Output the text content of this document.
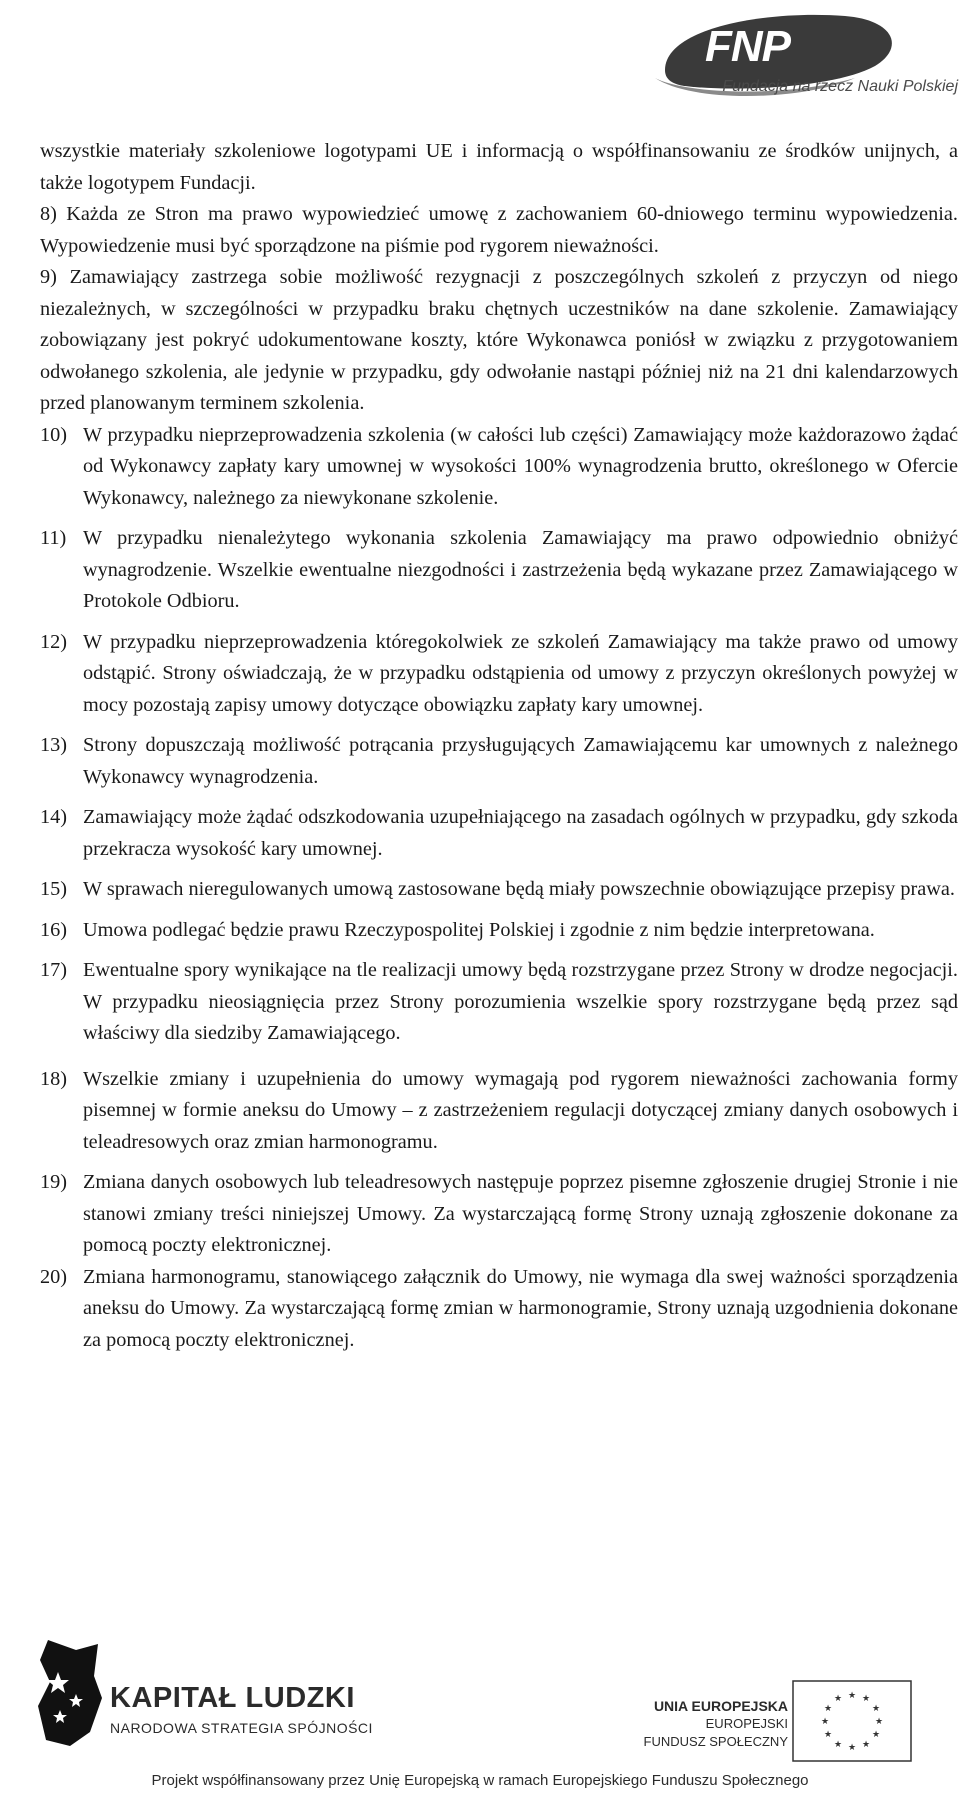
FNP
Fundacja na rzecz Nauki Polskiej

wszystkie materiały szkoleniowe logotypami UE i informacją o współfinansowaniu ze środków unijnych, a także logotypem Fundacji.

8) Każda ze Stron ma prawo wypowiedzieć umowę z zachowaniem 60-dniowego terminu wypowiedzenia. Wypowiedzenie musi być sporządzone na piśmie pod rygorem nieważności.

9) Zamawiający zastrzega sobie możliwość rezygnacji z poszczególnych szkoleń z przyczyn od niego niezależnych, w szczególności w przypadku braku chętnych uczestników na dane szkolenie. Zamawiający zobowiązany jest pokryć udokumentowane koszty, które Wykonawca poniósł w związku z przygotowaniem odwołanego szkolenia, ale jedynie w przypadku, gdy odwołanie nastąpi później niż na 21 dni kalendarzowych przed planowanym terminem szkolenia.

10) W przypadku nieprzeprowadzenia szkolenia (w całości lub części) Zamawiający może każdorazowo żądać od Wykonawcy zapłaty kary umownej w wysokości 100% wynagrodzenia brutto, określonego w Ofercie Wykonawcy, należnego za niewykonane szkolenie.

11) W przypadku nienależytego wykonania szkolenia Zamawiający ma prawo odpowiednio obniżyć wynagrodzenie. Wszelkie ewentualne niezgodności i zastrzeżenia będą wykazane przez Zamawiającego w Protokole Odbioru.

12) W przypadku nieprzeprowadzenia któregokolwiek ze szkoleń Zamawiający ma także prawo od umowy odstąpić. Strony oświadczają, że w przypadku odstąpienia od umowy z przyczyn określonych powyżej w mocy pozostają zapisy umowy dotyczące obowiązku zapłaty kary umownej.

13) Strony dopuszczają możliwość potrącania przysługujących Zamawiającemu kar umownych z należnego Wykonawcy wynagrodzenia.

14) Zamawiający może żądać odszkodowania uzupełniającego na zasadach ogólnych w przypadku, gdy szkoda przekracza wysokość kary umownej.

15) W sprawach nieregulowanych umową zastosowane będą miały powszechnie obowiązujące przepisy prawa.

16) Umowa podlegać będzie prawu Rzeczypospolitej Polskiej i zgodnie z nim będzie interpretowana.

17) Ewentualne spory wynikające na tle realizacji umowy będą rozstrzygane przez Strony w drodze negocjacji. W przypadku nieosiągnięcia przez Strony porozumienia wszelkie spory rozstrzygane będą przez sąd właściwy dla siedziby Zamawiającego.

18) Wszelkie zmiany i uzupełnienia do umowy wymagają pod rygorem nieważności zachowania formy pisemnej w formie aneksu do Umowy – z zastrzeżeniem regulacji dotyczącej zmiany danych osobowych i teleadresowych oraz zmian harmonogramu.

19) Zmiana danych osobowych lub teleadresowych następuje poprzez pisemne zgłoszenie drugiej Stronie i nie stanowi zmiany treści niniejszej Umowy. Za wystarczającą formę Strony uznają zgłoszenie dokonane za pomocą poczty elektronicznej.

20) Zmiana harmonogramu, stanowiącego załącznik do Umowy, nie wymaga dla swej ważności sporządzenia aneksu do Umowy. Za wystarczającą formę zmian w harmonogramie, Strony uznają uzgodnienia dokonane za pomocą poczty elektronicznej.

KAPITAŁ LUDZKI
NARODOWA STRATEGIA SPÓJNOŚCI
UNIA EUROPEJSKA
EUROPEJSKI
FUNDUSZ SPOŁECZNY
★ ★
★
★
★
★
★
★
★
★
★
★
Projekt współfinansowany przez Unię Europejską w ramach Europejskiego Funduszu Społecznego
